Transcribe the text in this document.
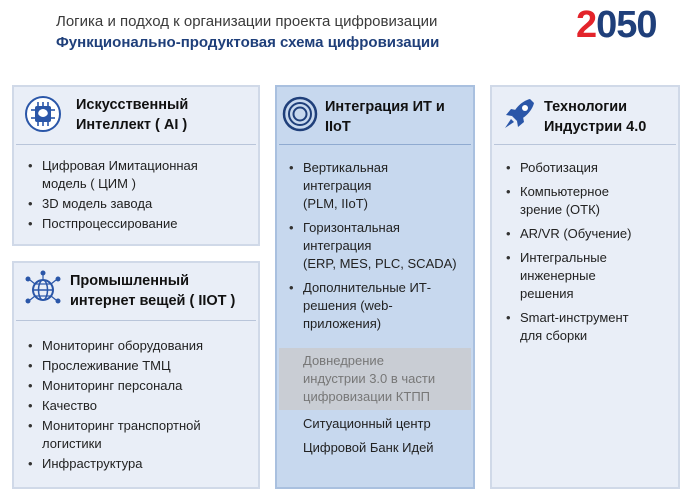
Логика и подход к организации проекта цифровизации
Функционально-продуктовая схема цифровизации	2050
Искусственный
Интеллект ( AI )
• Цифровая Имитационная
модель ( ЦИМ )
• 3D модель завода
• Постпроцессирование
Промышленный
интернет вещей ( IIOT )
• Мониторинг оборудования
• Прослеживание ТМЦ
• Мониторинг персонала
• Качество
• Мониторинг транспортной
логистики
• Инфраструктура
Интеграция ИТ и
IIoT
• Вертикальная
интеграция
(PLM, IIoT)
• Горизонтальная
интеграция
(ERP, MES, PLC, SCADA)
• Дополнительные ИТ-
решения (web-
приложения)
Довнедрение
индустрии 3.0 в части
цифровизации КТПП
Ситуационный центр
Цифровой Банк Идей
Технологии
Индустрии 4.0
• Роботизация
• Компьютерное
зрение (ОТК)
• AR/VR (Обучение)
• Интегральные
инженерные
решения
• Smart-инструмент
для сборки
